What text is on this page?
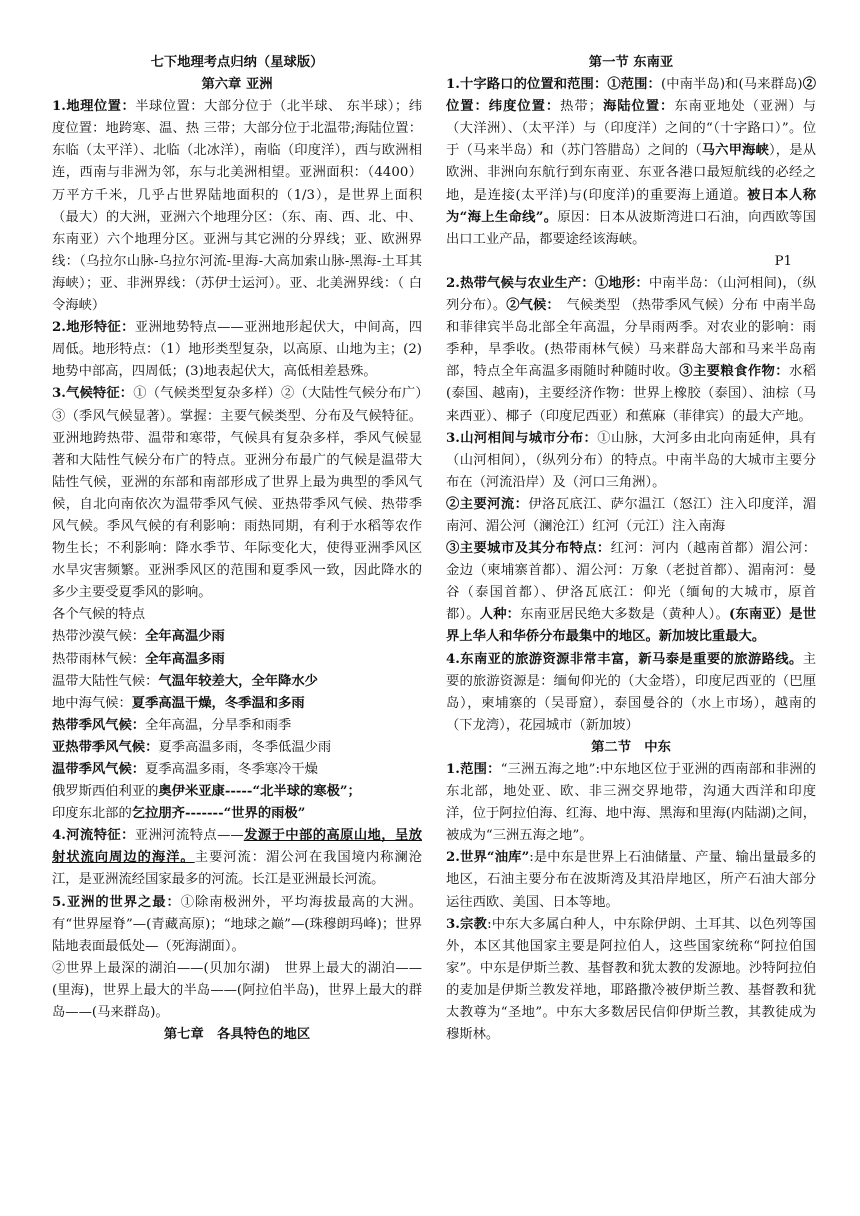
七下地理考点归纳（星球版）
第六章 亚洲

1.地理位置：半球位置：大部分位于（北半球、 东半球）；纬度位置：地跨寒、温、热 三带；大部分位于北温带;海陆位置： 东临（太平洋）、北临（北冰洋），南临（印度洋），西与欧洲相连，西南与非洲为邻，东与北美洲相望。亚洲面积：（4400）万平方千米，几乎占世界陆地面积的（1/3），是世界上面积（最大）的大洲，亚洲六个地理分区：（东、南、西、北、中、东南亚）六个地理分区。亚洲与其它洲的分界线；亚、欧洲界线：（乌拉尔山脉-乌拉尔河流-里海-大高加索山脉-黑海-土耳其海峡）；亚、非洲界线：（苏伊士运河）。亚、北美洲界线：（ 白令海峡）

2.地形特征：亚洲地势特点——亚洲地形起伏大，中间高，四周低。地形特点：（1）地形类型复杂，以高原、山地为主；(2)地势中部高，四周低；(3)地表起伏大，高低相差悬殊。

3.气候特征：①（气候类型复杂多样）②（大陆性气候分布广）③（季风气候显著）。掌握：主要气候类型、分布及气候特征。亚洲地跨热带、温带和寒带，气候具有复杂多样，季风气候显著和大陆性气候分布广的特点。亚洲分布最广的气候是温带大陆性气候，亚洲的东部和南部形成了世界上最为典型的季风气候，自北向南依次为温带季风气候、亚热带季风气候、热带季风气候。季风气候的有利影响：雨热同期，有利于水稻等农作物生长；不利影响：降水季节、年际变化大，使得亚洲季风区水旱灾害频繁。亚洲季风区的范围和夏季风一致，因此降水的多少主要受夏季风的影响。

各个气候的特点
热带沙漠气候：全年高温少雨
热带雨林气候：全年高温多雨
温带大陆性气候：气温年较差大，全年降水少
地中海气候：夏季高温干燥，冬季温和多雨
热带季风气候：全年高温，分旱季和雨季
亚热带季风气候：夏季高温多雨，冬季低温少雨
温带季风气候：夏季高温多雨，冬季寒冷干燥
俄罗斯西伯利亚的奥伊米亚康-----“北半球的寒极”；
印度东北部的乞拉朋齐-------“世界的雨极”

4.河流特征：亚洲河流特点——发源于中部的高原山地，呈放射状流向周边的海洋。主要河流：湄公河在我国境内称澜沧江，是亚洲流经国家最多的河流。长江是亚洲最长河流。

5.亚洲的世界之最：①除南极洲外，平均海拔最高的大洲。有“世界屋脊”—(青藏高原)；“地球之巅”—(珠穆朗玛峰)；世界陆地表面最低处—（死海湖面）。

②世界上最深的湖泊——(贝加尔湖)　世界上最大的湖泊——(里海)，世界上最大的半岛——(阿拉伯半岛)，世界上最大的群岛——(马来群岛)。

第七章　各具特色的地区
第一节 东南亚

1.十字路口的位置和范围：①范围：(中南半岛)和(马来群岛)②位置：纬度位置：热带；海陆位置：东南亚地处（亚洲）与（大洋洲）、（太平洋）与（印度洋）之间的“（十字路口）”。位于（马来半岛）和（苏门答腊岛）之间的（马六甲海峡），是从欧洲、非洲向东航行到东南亚、东亚各港口最短航线的必经之地，是连接(太平洋)与(印度洋)的重要海上通道。被日本人称为“海上生命线”。原因：日本从波斯湾进口石油，向西欧等国出口工业产品，都要途经该海峡。

P1

2.热带气候与农业生产：①地形：中南半岛：（山河相间)，（纵列分布）。②气候：　气候类型 （热带季风气候）分布 中南半岛和菲律宾半岛北部全年高温，分旱雨两季。对农业的影响：雨季种，旱季收。(热带雨林气候）马来群岛大部和马来半岛南部，特点全年高温多雨随时种随时收。③主要粮食作物：水稻(泰国、越南)，主要经济作物：世界上橡胶（泰国）、油棕（马来西亚）、椰子（印度尼西亚）和蕉麻（菲律宾）的最大产地。

3.山河相间与城市分布：①山脉，大河多由北向南延伸，具有（山河相间），（纵列分布）的特点。中南半岛的大城市主要分布在（河流沿岸）及（河口三角洲）。

②主要河流：伊洛瓦底江、萨尔温江（怒江）注入印度洋，湄南河、湄公河（澜沧江）红河（元江）注入南海

③主要城市及其分布特点：红河：河内（越南首都）湄公河：金边（柬埔寨首都）、湄公河：万象（老挝首都）、湄南河：曼谷（泰国首都）、伊洛瓦底江：仰光（缅甸的大城市，原首都）。人种：东南亚居民绝大多数是（黄种人）。(东南亚）是世界上华人和华侨分布最集中的地区。新加坡比重最大。

4.东南亚的旅游资源非常丰富，新马泰是重要的旅游路线。主要的旅游资源是：缅甸仰光的（大金塔），印度尼西亚的（巴厘岛），柬埔寨的（吴哥窟），泰国曼谷的（水上市场），越南的（下龙湾），花园城市（新加坡）

第二节　中东

1.范围：“三洲五海之地”:中东地区位于亚洲的西南部和非洲的东北部，地处亚、欧、非三洲交界地带，沟通大西洋和印度洋，位于阿拉伯海、红海、地中海、黑海和里海(内陆湖)之间，被成为“三洲五海之地”。

2.世界“油库”:是中东是世界上石油储量、产量、输出量最多的地区，石油主要分布在波斯湾及其沿岸地区，所产石油大部分运往西欧、美国、日本等地。

3.宗教:中东大多属白种人，中东除伊朗、土耳其、以色列等国外，本区其他国家主要是阿拉伯人，这些国家统称“阿拉伯国家”。中东是伊斯兰教、基督教和犹太教的发源地。沙特阿拉伯的麦加是伊斯兰教发祥地，耶路撒冷被伊斯兰教、基督教和犹太教尊为“圣地”。中东大多数居民信仰伊斯兰教，其教徒成为穆斯林。
